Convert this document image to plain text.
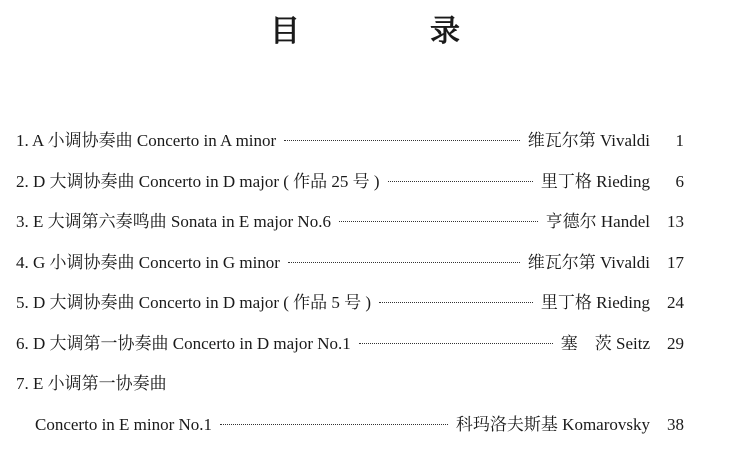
目　录
1. A 小调协奏曲 Concerto in A minor	维瓦尔第 Vivaldi	1
2. D 大调协奏曲 Concerto in D major ( 作品 25 号 )	里丁格 Rieding	6
3. E 大调第六奏鸣曲 Sonata in E major No.6	亨德尔 Handel	13
4. G 小调协奏曲 Concerto in G minor	维瓦尔第 Vivaldi	17
5. D 大调协奏曲 Concerto in D major ( 作品 5 号 )	里丁格 Rieding	24
6. D 大调第一协奏曲 Concerto in D major No.1	塞　茨 Seitz	29
7. E 小调第一协奏曲
Concerto in E minor No.1	科玛洛夫斯基 Komarovsky	38
